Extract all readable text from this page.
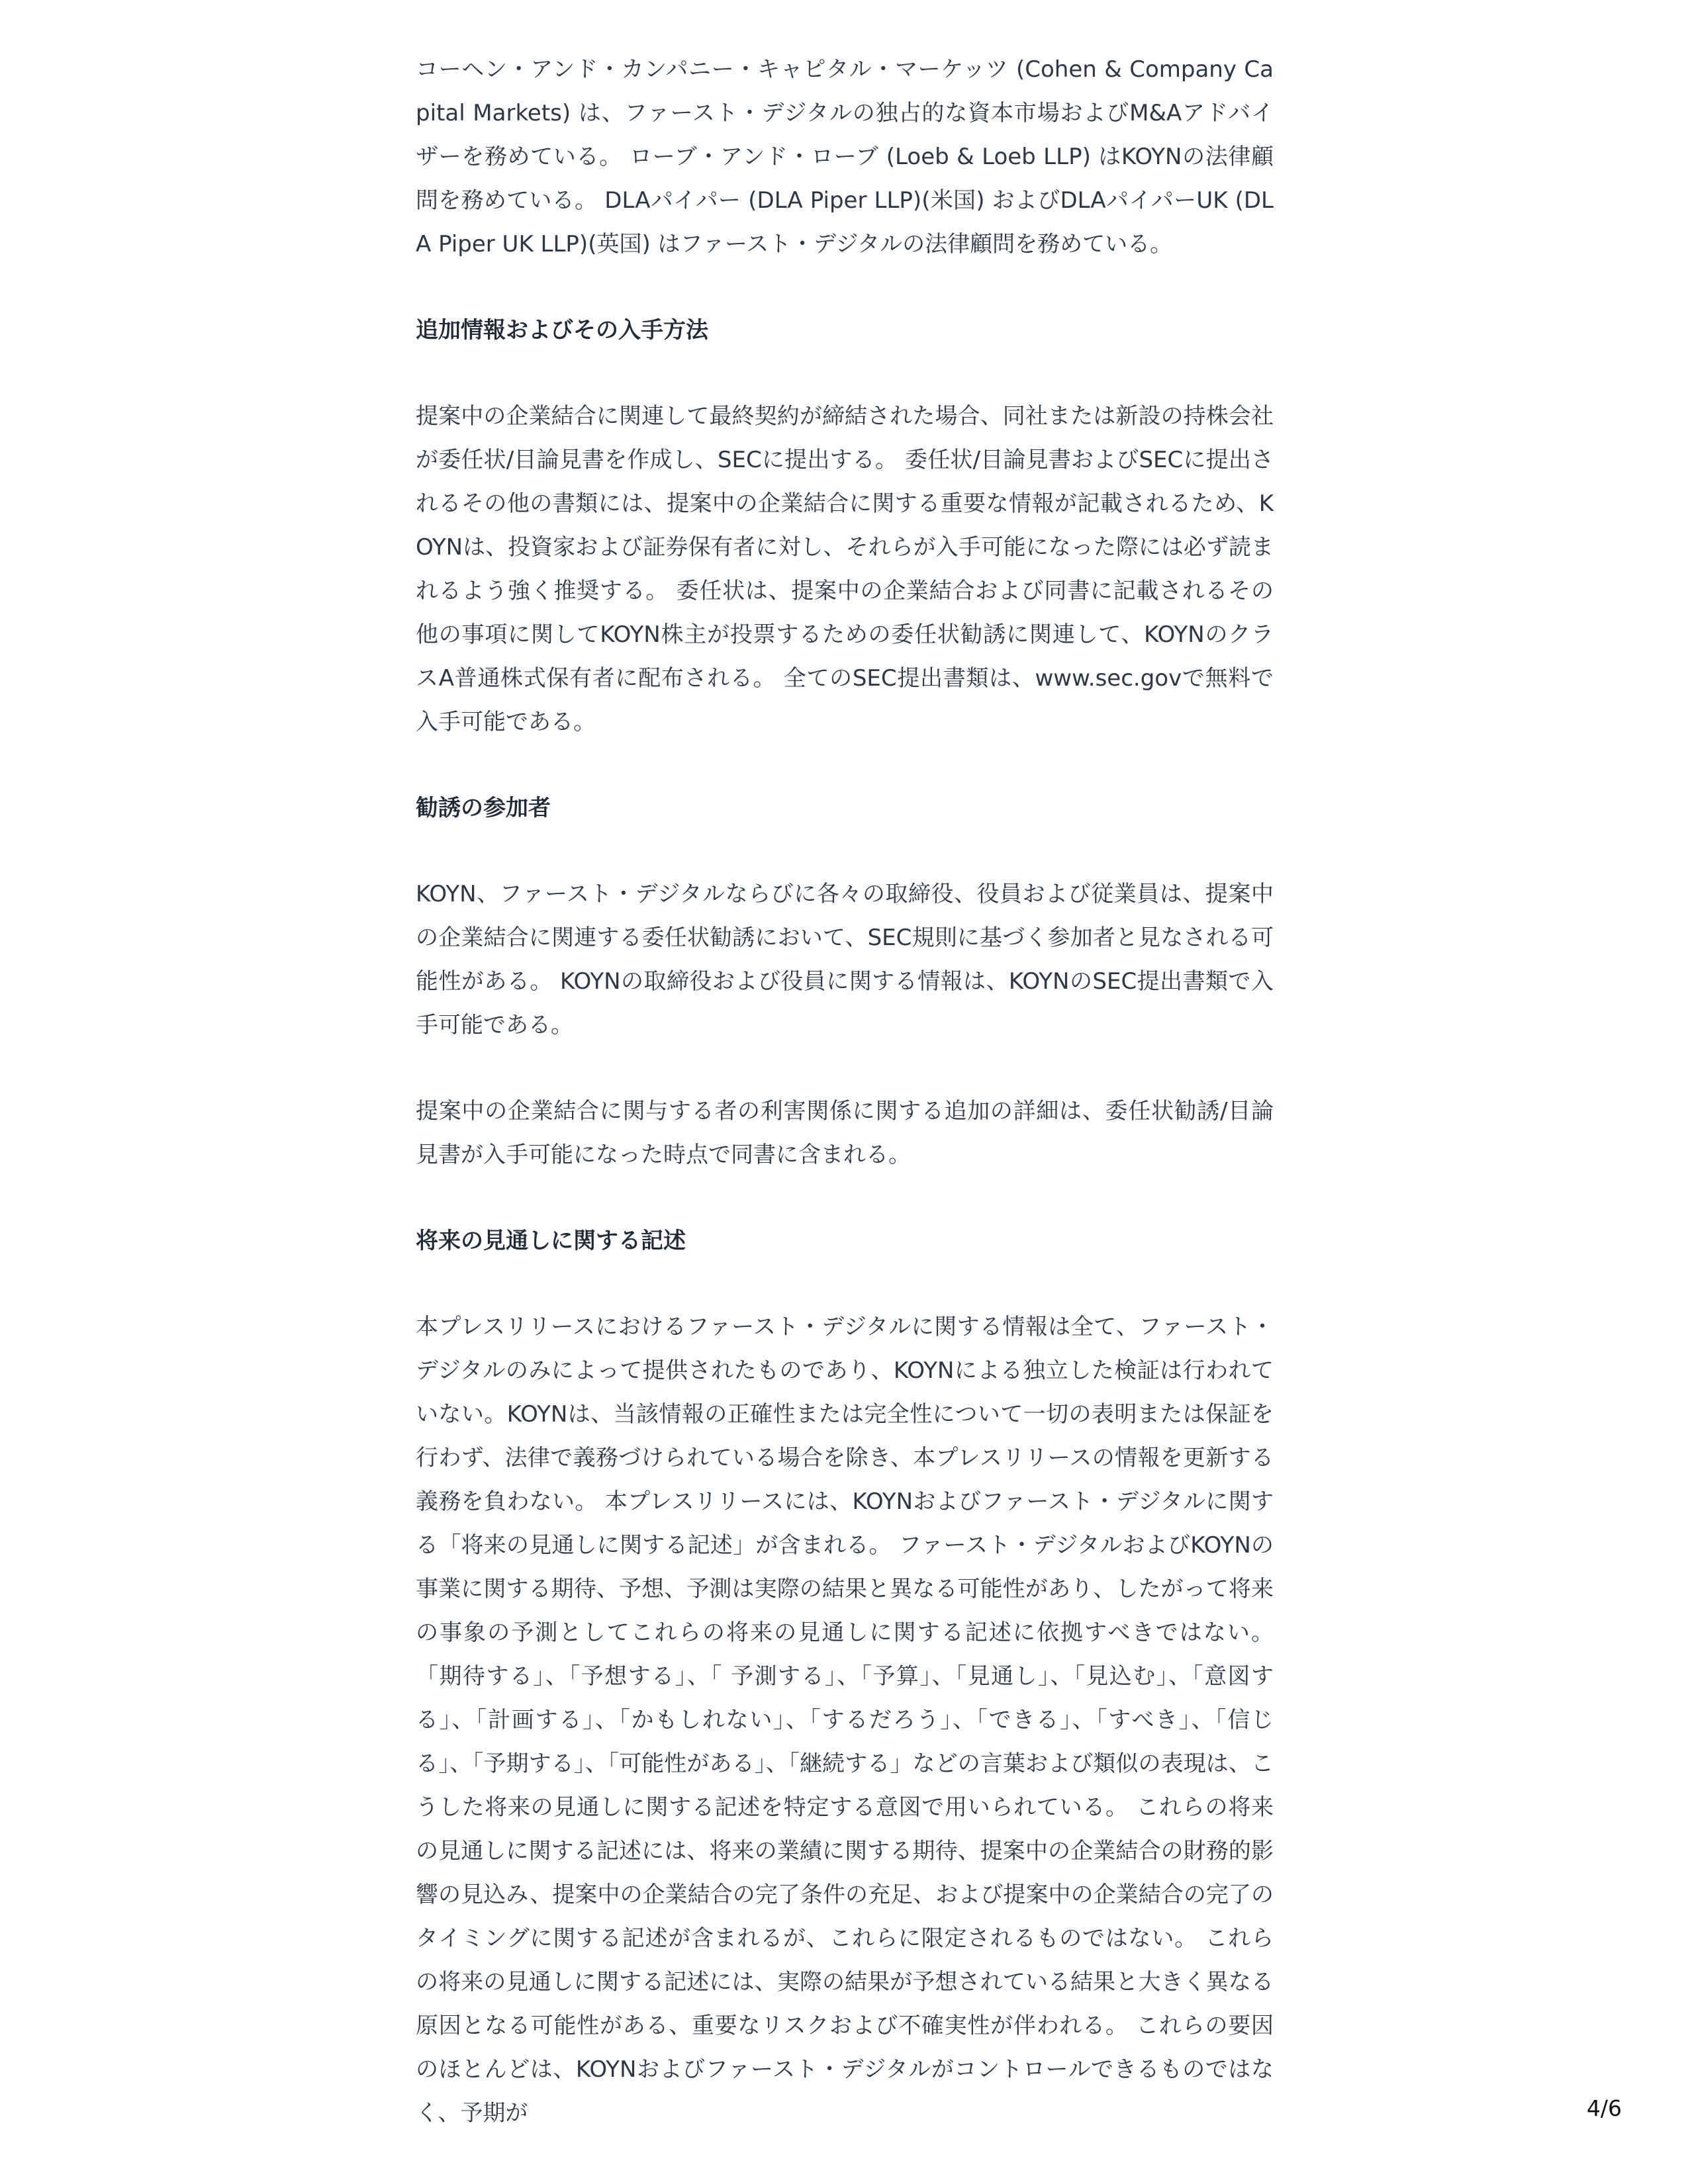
コーヘン・アンド・カンパニー・キャピタル・マーケッツ (Cohen & Company Capital Markets) は、ファースト・デジタルの独占的な資本市場およびM&Aアドバイザーを務めている。 ローブ・アンド・ローブ (Loeb & Loeb LLP) はKOYNの法律顧問を務めている。 DLAパイパー (DLA Piper LLP)(米国) およびDLAパイパーUK (DLA Piper UK LLP)(英国) はファースト・デジタルの法律顧問を務めている。

追加情報およびその入手方法

提案中の企業結合に関連して最終契約が締結された場合、同社または新設の持株会社が委任状/目論見書を作成し、SECに提出する。 委任状/目論見書およびSECに提出されるその他の書類には、提案中の企業結合に関する重要な情報が記載されるため、KOYNは、投資家および証券保有者に対し、それらが入手可能になった際には必ず読まれるよう強く推奨する。 委任状は、提案中の企業結合および同書に記載されるその他の事項に関してKOYN株主が投票するための委任状勧誘に関連して、KOYNのクラスA普通株式保有者に配布される。 全てのSEC提出書類は、www.sec.govで無料で入手可能である。

勧誘の参加者

KOYN、ファースト・デジタルならびに各々の取締役、役員および従業員は、提案中の企業結合に関連する委任状勧誘において、SEC規則に基づく参加者と見なされる可能性がある。 KOYNの取締役および役員に関する情報は、KOYNのSEC提出書類で入手可能である。

提案中の企業結合に関与する者の利害関係に関する追加の詳細は、委任状勧誘/目論見書が入手可能になった時点で同書に含まれる。

将来の見通しに関する記述

本プレスリリースにおけるファースト・デジタルに関する情報は全て、ファースト・デジタルのみによって提供されたものであり、KOYNによる独立した検証は行われていない。KOYNは、当該情報の正確性または完全性について一切の表明または保証を行わず、法律で義務づけられている場合を除き、本プレスリリースの情報を更新する義務を負わない。 本プレスリリースには、KOYNおよびファースト・デジタルに関する「将来の見通しに関する記述」が含まれる。 ファースト・デジタルおよびKOYNの事業に関する期待、予想、予測は実際の結果と異なる可能性があり、したがって将来の事象の予測としてこれらの将来の見通しに関する記述に依拠すべきではない。 「期待する」、「予想する」、「 予測する」、「予算」、「見通し」、「見込む」、「意図する」、「計画する」、「かもしれない」、「するだろう」、「できる」、「すべき」、「信じる」、「予期する」、「可能性がある」、「継続する」などの言葉および類似の表現は、こうした将来の見通しに関する記述を特定する意図で用いられている。 これらの将来の見通しに関する記述には、将来の業績に関する期待、提案中の企業結合の財務的影響の見込み、提案中の企業結合の完了条件の充足、および提案中の企業結合の完了のタイミングに関する記述が含まれるが、これらに限定されるものではない。 これらの将来の見通しに関する記述には、実際の結果が予想されている結果と大きく異なる原因となる可能性がある、重要なリスクおよび不確実性が伴われる。 これらの要因のほとんどは、KOYNおよびファースト・デジタルがコントロールできるものではなく、予期が	4/6
